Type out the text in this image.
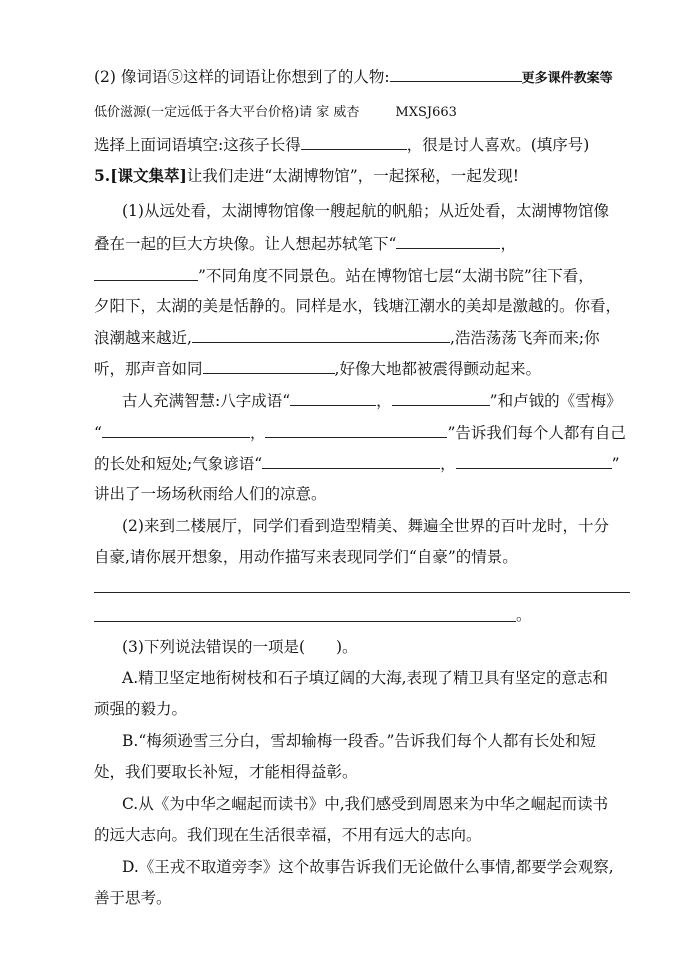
(2) 像词语⑤这样的词语让你想到了的人物:	更多课件教案等
低价滋源(一定远低于各大平台价格)请 家 威杏	MXSJ663
选择上面词语填空:这孩子长得	，很是讨人喜欢。(填序号)
5.[课文集萃]让我们走进“太湖博物馆”，一起探秘，一起发现!
(1)从远处看，太湖博物馆像一艘起航的帆船；从近处看，太湖博物馆像
叠在一起的巨大方块像。让人想起苏轼笔下“	，
”不同角度不同景色。站在博物馆七层“太湖书院”往下看，
夕阳下，太湖的美是恬静的。同样是水，钱塘江潮水的美却是激越的。你看，
浪潮越来越近,	,浩浩荡荡飞奔而来;你
听，那声音如同	,好像大地都被震得颤动起来。
古人充满智慧:八字成语“	，	”和卢钺的《雪梅》
“	，	”告诉我们每个人都有自己
的长处和短处;气象谚语“	，	”
讲出了一场场秋雨给人们的凉意。
(2)来到二楼展厅，同学们看到造型精美、舞遍全世界的百叶龙时，十分
自豪,请你展开想象，用动作描写来表现同学们“自豪”的情景。
。
(3)下列说法错误的一项是(　　)。
A.精卫坚定地衔树枝和石子填辽阔的大海,表现了精卫具有坚定的意志和
顽强的毅力。
B.“梅须逊雪三分白，雪却输梅一段香。”告诉我们每个人都有长处和短
处，我们要取长补短，才能相得益彰。
C.从《为中华之崛起而读书》中,我们感受到周恩来为中华之崛起而读书
的远大志向。我们现在生活很幸福，不用有远大的志向。
D.《王戎不取道旁李》这个故事告诉我们无论做什么事情,都要学会观察,
善于思考。
